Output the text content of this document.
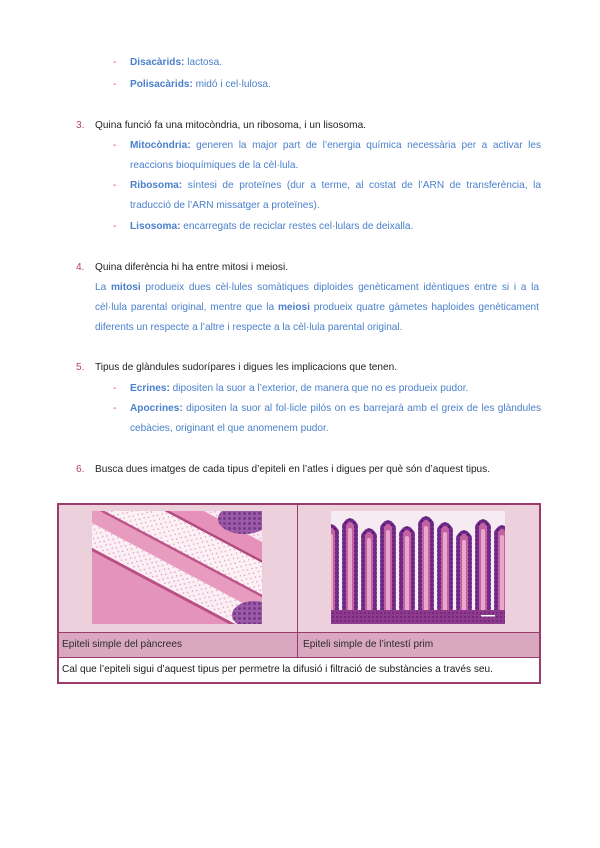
- Disacàrids: lactosa.
- Polisacàrids: midó i cel·lulosa.
3. Quina funció fa una mitocòndria, un ribosoma, i un lisosoma.
- Mitocòndria: generen la major part de l’energia química necessària per a activar les reaccions bioquímiques de la cèl·lula.
- Ribosoma: síntesi de proteïnes (dur a terme, al costat de l’ARN de transferència, la traducció de l’ARN missatger a proteïnes).
- Lisosoma: encarregats de reciclar restes cel·lulars de deixalla.
4. Quina diferència hi ha entre mitosi i meiosi.
La mitosi produeix dues cèl·lules somàtiques diploides genèticament idèntiques entre si i a la cèl·lula parental original, mentre que la meiosi produeix quatre gàmetes haploides genèticament diferents un respecte a l’altre i respecte a la cèl·lula parental original.
5. Tipus de glàndules sudorípares i digues les implicacions que tenen.
- Ecrines: dipositen la suor a l’exterior, de manera que no es produeix pudor.
- Apocrines: dipositen la suor al fol·licle pilós on es barrejarà amb el greix de les glàndules cebàcies, originant el que anomenem pudor.
6. Busca dues imatges de cada tipus d’epiteli en l’atles i digues per què són d’aquest tipus.
Epiteli simple del pàncrees	Epiteli simple de l’intestí prim
Cal que l’epiteli sigui d’aquest tipus per permetre la difusió i filtració de substàncies a través seu.
